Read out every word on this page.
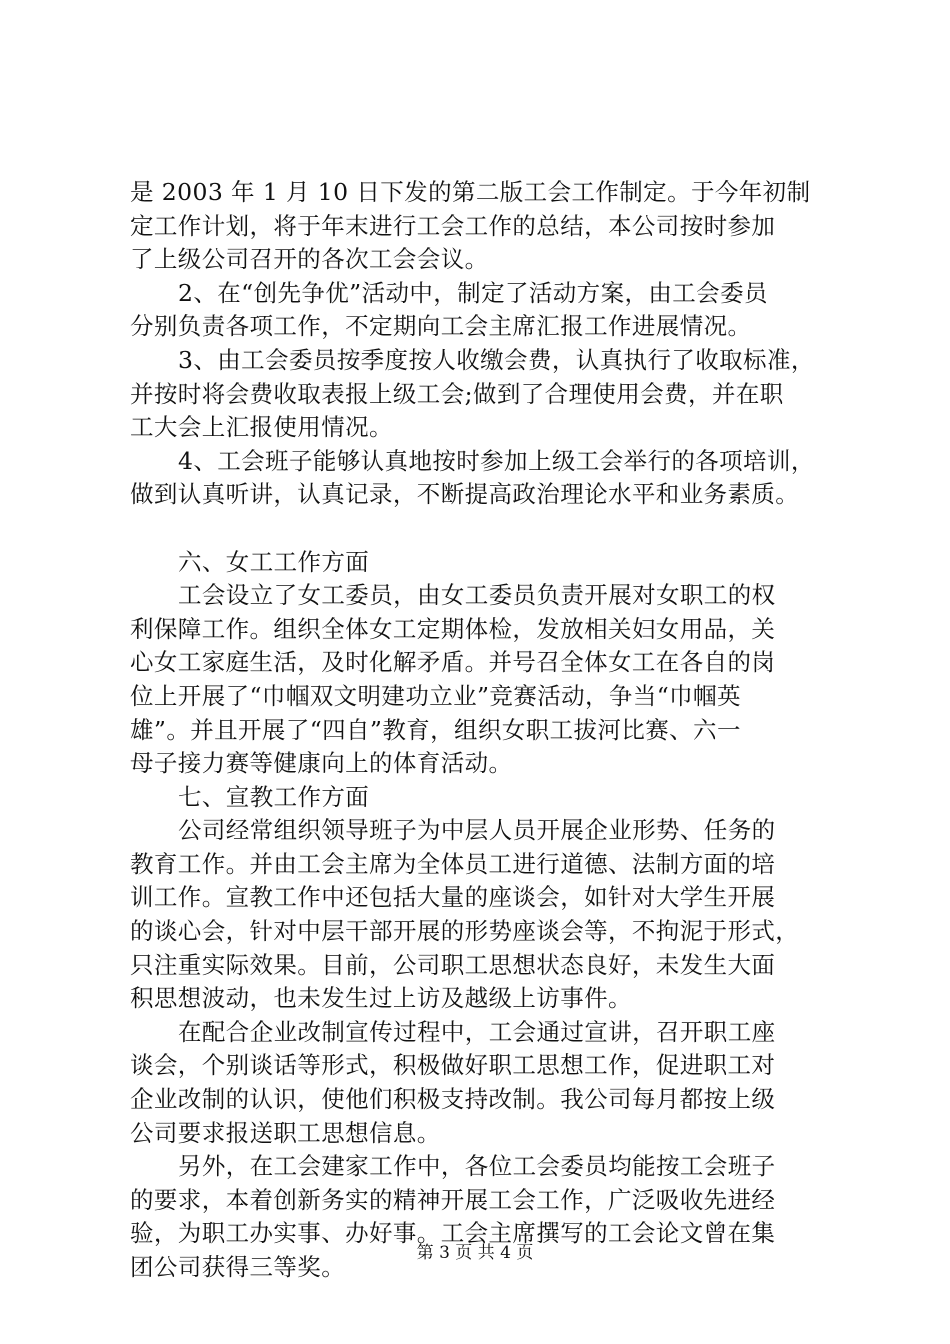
是 2003 年 1 月 10 日下发的第二版工会工作制定。于今年初制
定工作计划，将于年末进行工会工作的总结，本公司按时参加
了上级公司召开的各次工会会议。
2、在“创先争优”活动中，制定了活动方案，由工会委员
分别负责各项工作，不定期向工会主席汇报工作进展情况。
3、由工会委员按季度按人收缴会费，认真执行了收取标准，
并按时将会费收取表报上级工会;做到了合理使用会费，并在职
工大会上汇报使用情况。
4、工会班子能够认真地按时参加上级工会举行的各项培训，
做到认真听讲，认真记录，不断提高政治理论水平和业务素质。
六、女工工作方面
工会设立了女工委员，由女工委员负责开展对女职工的权
利保障工作。组织全体女工定期体检，发放相关妇女用品，关
心女工家庭生活，及时化解矛盾。并号召全体女工在各自的岗
位上开展了“巾帼双文明建功立业”竞赛活动，争当“巾帼英
雄”。并且开展了“四自”教育，组织女职工拔河比赛、六一
母子接力赛等健康向上的体育活动。
七、宣教工作方面
公司经常组织领导班子为中层人员开展企业形势、任务的
教育工作。并由工会主席为全体员工进行道德、法制方面的培
训工作。宣教工作中还包括大量的座谈会，如针对大学生开展
的谈心会，针对中层干部开展的形势座谈会等，不拘泥于形式，
只注重实际效果。目前，公司职工思想状态良好，未发生大面
积思想波动，也未发生过上访及越级上访事件。
在配合企业改制宣传过程中，工会通过宣讲，召开职工座
谈会，个别谈话等形式，积极做好职工思想工作，促进职工对
企业改制的认识，使他们积极支持改制。我公司每月都按上级
公司要求报送职工思想信息。
另外，在工会建家工作中，各位工会委员均能按工会班子
的要求，本着创新务实的精神开展工会工作，广泛吸收先进经
验，为职工办实事、办好事。工会主席撰写的工会论文曾在集
团公司获得三等奖。	第 3 页 共 4 页
